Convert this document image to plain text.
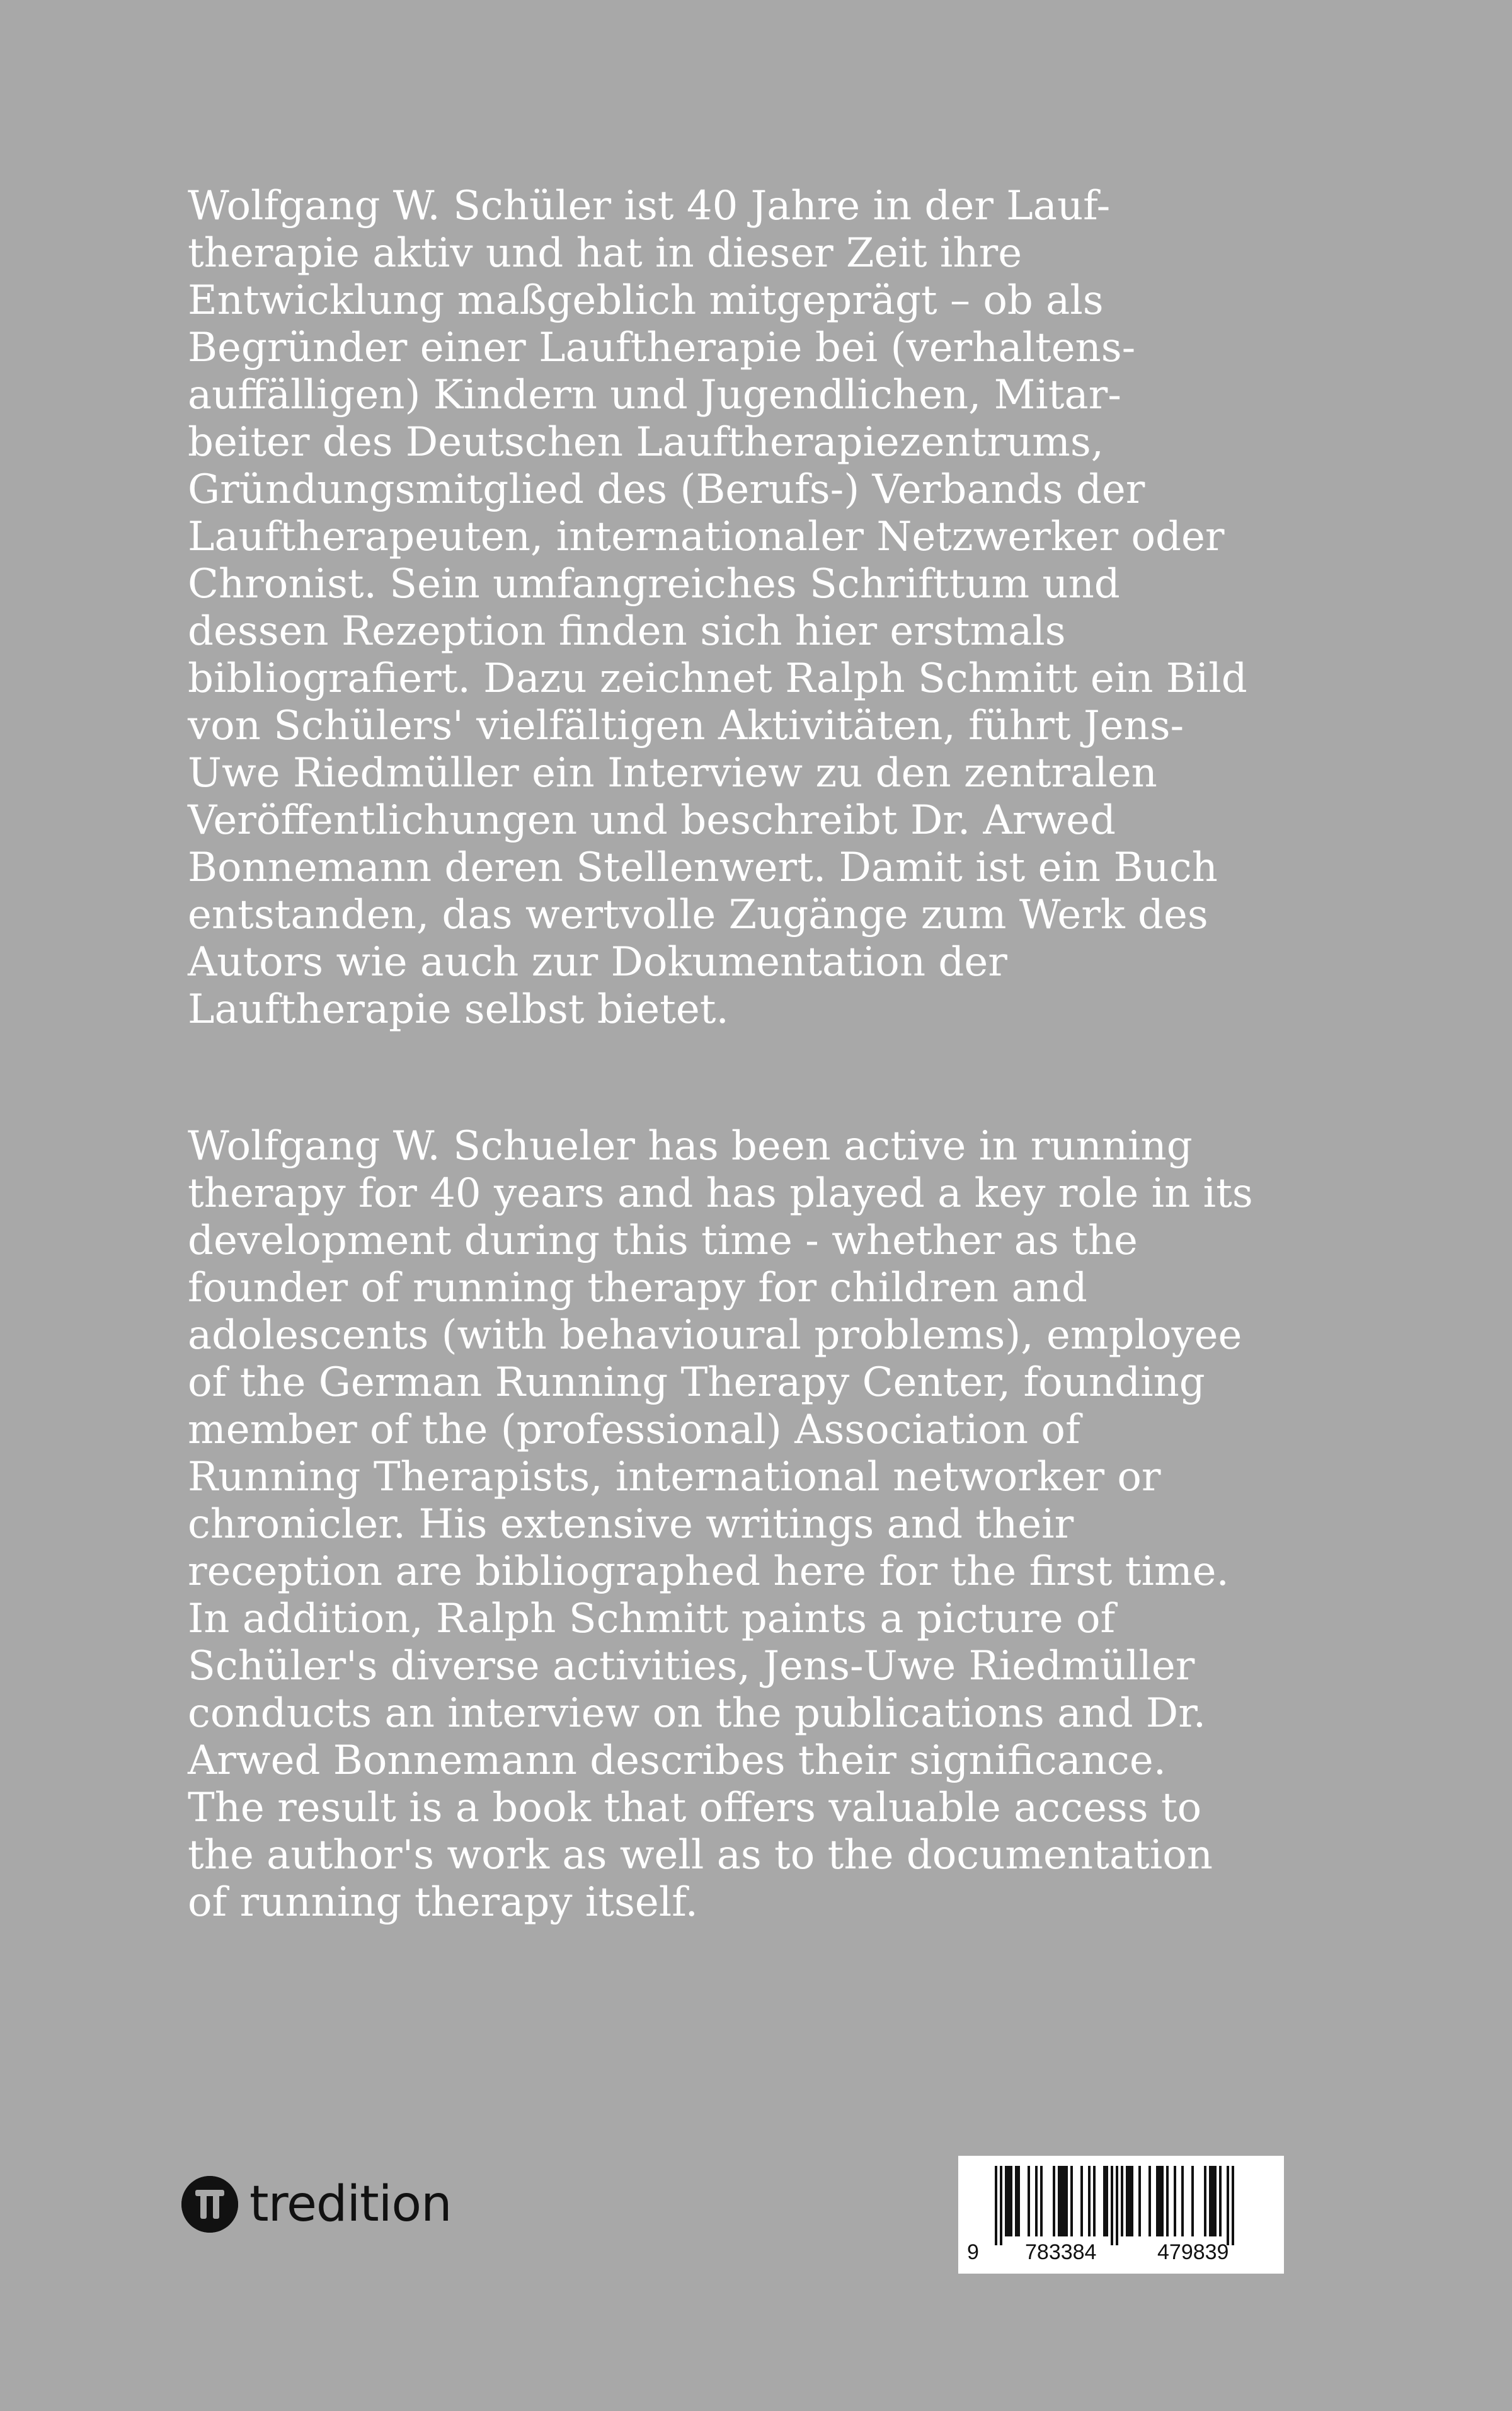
Wolfgang W. Schüler ist 40 Jahre in der Lauf-
therapie aktiv und hat in dieser Zeit ihre
Entwicklung maßgeblich mitgeprägt – ob als
Begründer einer Lauftherapie bei (verhaltens-
auffälligen) Kindern und Jugendlichen, Mitar-
beiter des Deutschen Lauftherapiezentrums,
Gründungsmitglied des (Berufs-) Verbands der
Lauftherapeuten, internationaler Netzwerker oder
Chronist. Sein umfangreiches Schrifttum und
dessen Rezeption finden sich hier erstmals
bibliografiert. Dazu zeichnet Ralph Schmitt ein Bild
von Schülers' vielfältigen Aktivitäten, führt Jens-
Uwe Riedmüller ein Interview zu den zentralen
Veröffentlichungen und beschreibt Dr. Arwed
Bonnemann deren Stellenwert. Damit ist ein Buch
entstanden, das wertvolle Zugänge zum Werk des
Autors wie auch zur Dokumentation der
Lauftherapie selbst bietet.
Wolfgang W. Schueler has been active in running
therapy for 40 years and has played a key role in its
development during this time - whether as the
founder of running therapy for children and
adolescents (with behavioural problems), employee
of the German Running Therapy Center, founding
member of the (professional) Association of
Running Therapists, international networker or
chronicler. His extensive writings and their
reception are bibliographed here for the first time.
In addition, Ralph Schmitt paints a picture of
Schüler's diverse activities, Jens-Uwe Riedmüller
conducts an interview on the publications and Dr.
Arwed Bonnemann describes their significance.
The result is a book that offers valuable access to
the author's work as well as to the documentation
of running therapy itself.
tredition
9 783384	479839
